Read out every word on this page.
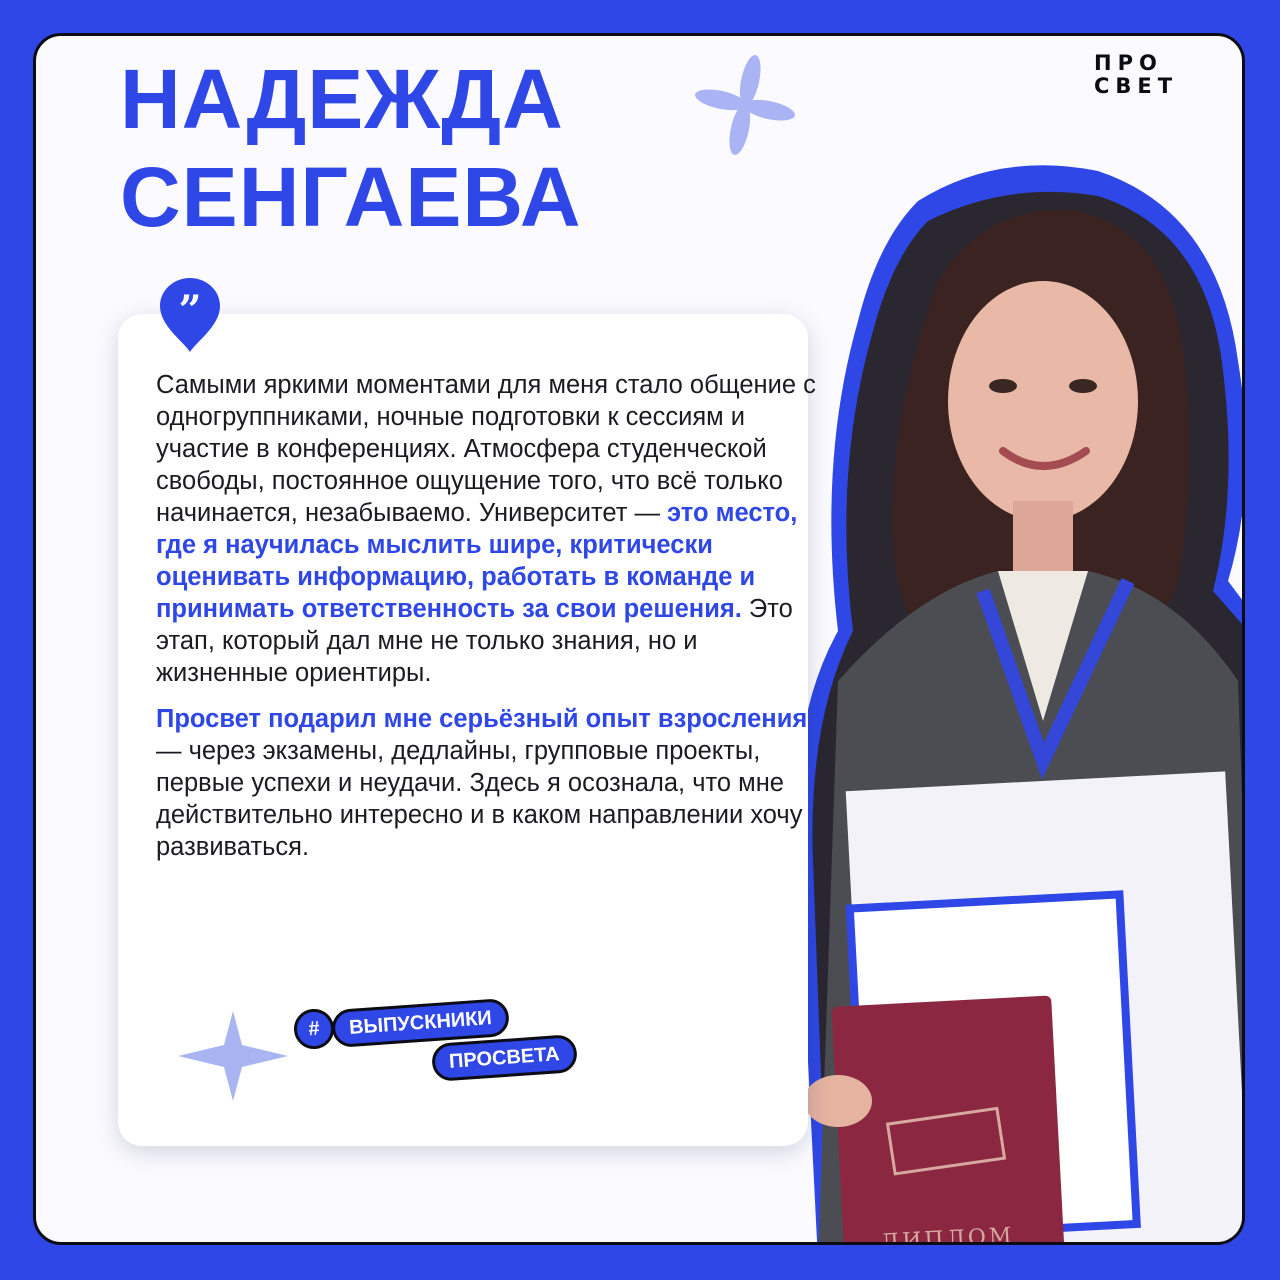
НАДЕЖДА
СЕНГАЕВА
ПРО
СВЕТ
ДИПЛОМ
”

Самыми яркими моментами для меня стало общение с одногруппниками, ночные подготовки к сессиям и участие в конференциях. Атмосфера студенческой свободы, постоянное ощущение того, что всё только начинается, незабываемо. Университет — это место, где я научилась мыслить шире, критически оценивать информацию, работать в команде и принимать ответственность за свои решения. Это этап, который дал мне не только знания, но и жизненные ориентиры.

Просвет подарил мне серьёзный опыт взросления — через экзамены, дедлайны, групповые проекты, первые успехи и неудачи. Здесь я осознала, что мне действительно интересно и в каком направлении хочу развиваться.

#	ВЫПУСКНИКИ
ПРОСВЕТА
